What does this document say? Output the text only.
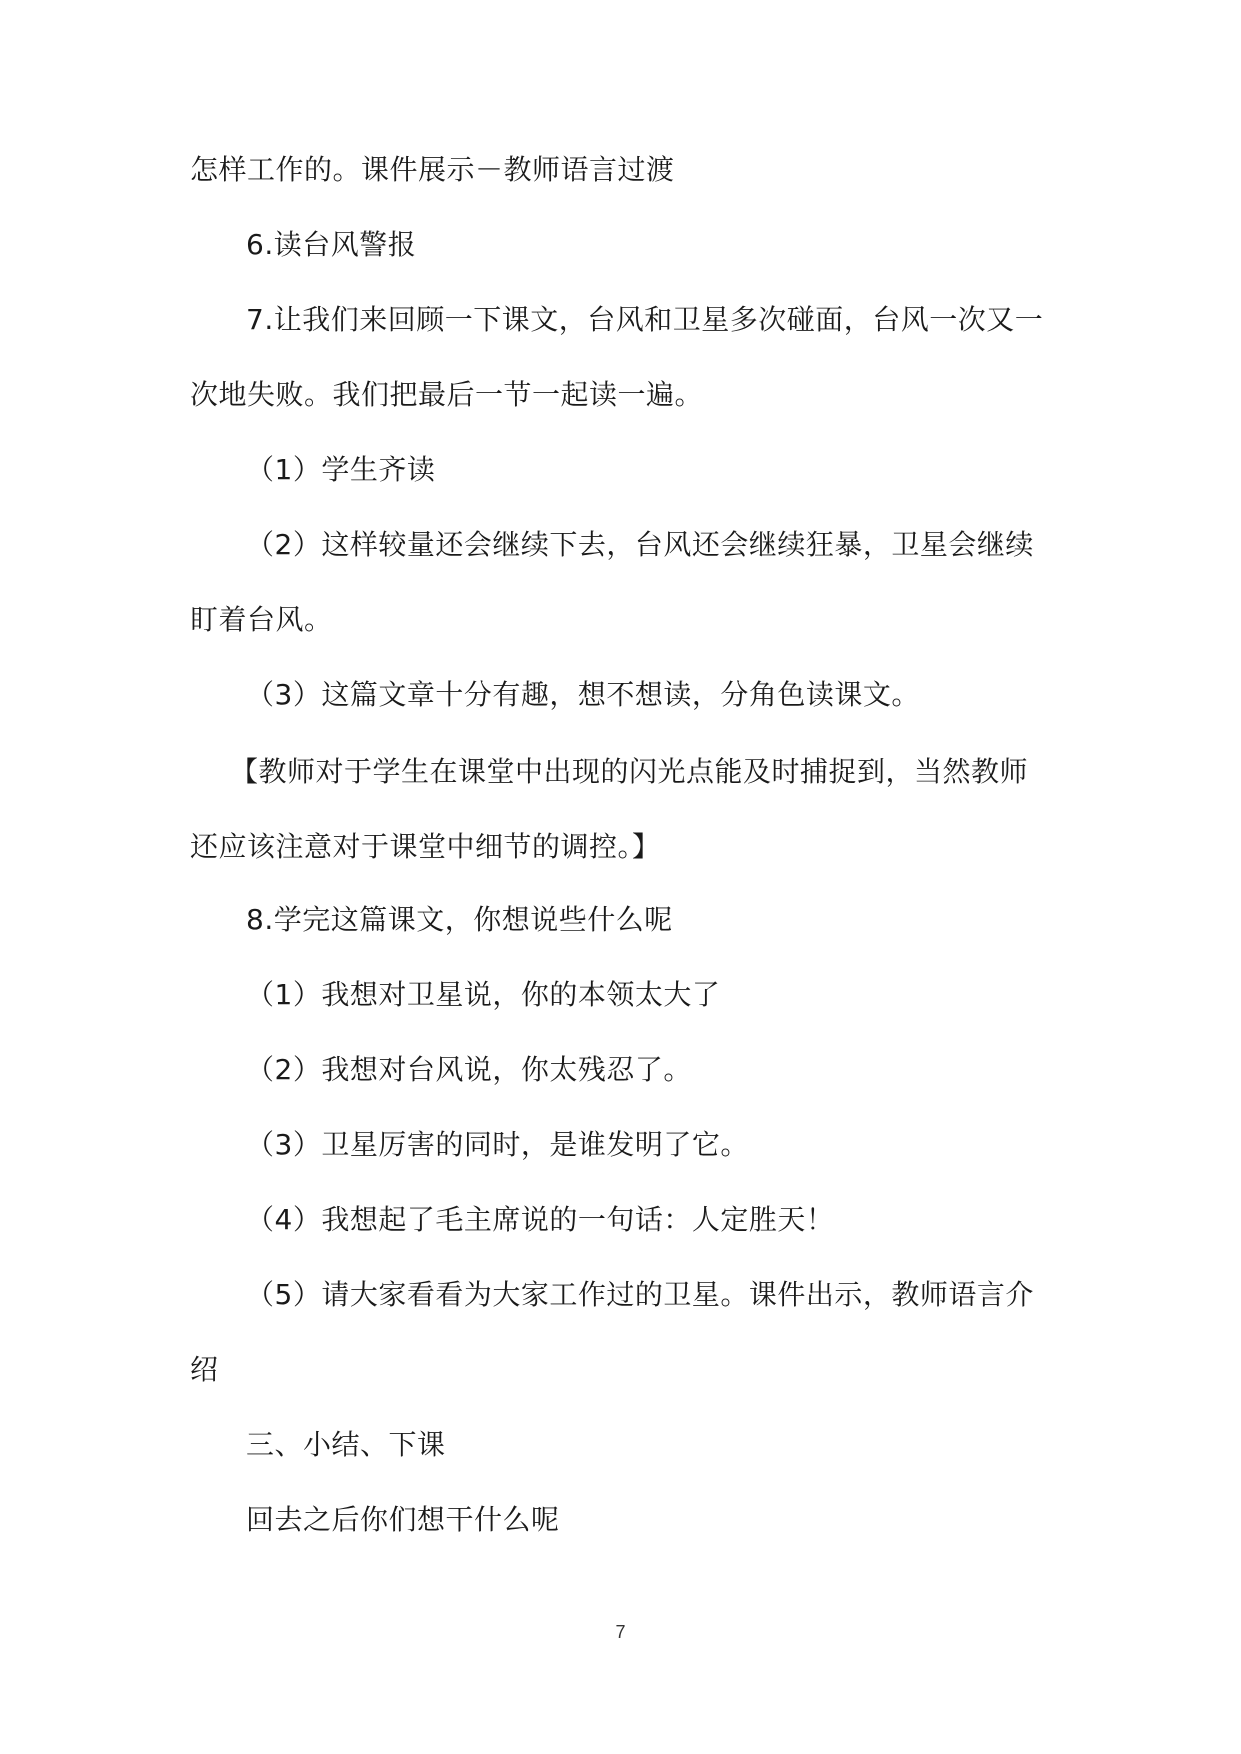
怎样工作的。课件展示－教师语言过渡
6.读台风警报
7.让我们来回顾一下课文，台风和卫星多次碰面，台风一次又一
次地失败。我们把最后一节一起读一遍。
（1）学生齐读
（2）这样较量还会继续下去，台风还会继续狂暴，卫星会继续
盯着台风。
（3）这篇文章十分有趣，想不想读，分角色读课文。
【教师对于学生在课堂中出现的闪光点能及时捕捉到，当然教师
还应该注意对于课堂中细节的调控。】
8.学完这篇课文，你想说些什么呢
（1）我想对卫星说，你的本领太大了
（2）我想对台风说，你太残忍了。
（3）卫星厉害的同时，是谁发明了它。
（4）我想起了毛主席说的一句话：人定胜天！
（5）请大家看看为大家工作过的卫星。课件出示，教师语言介
绍
三、小结、下课
回去之后你们想干什么呢
7
